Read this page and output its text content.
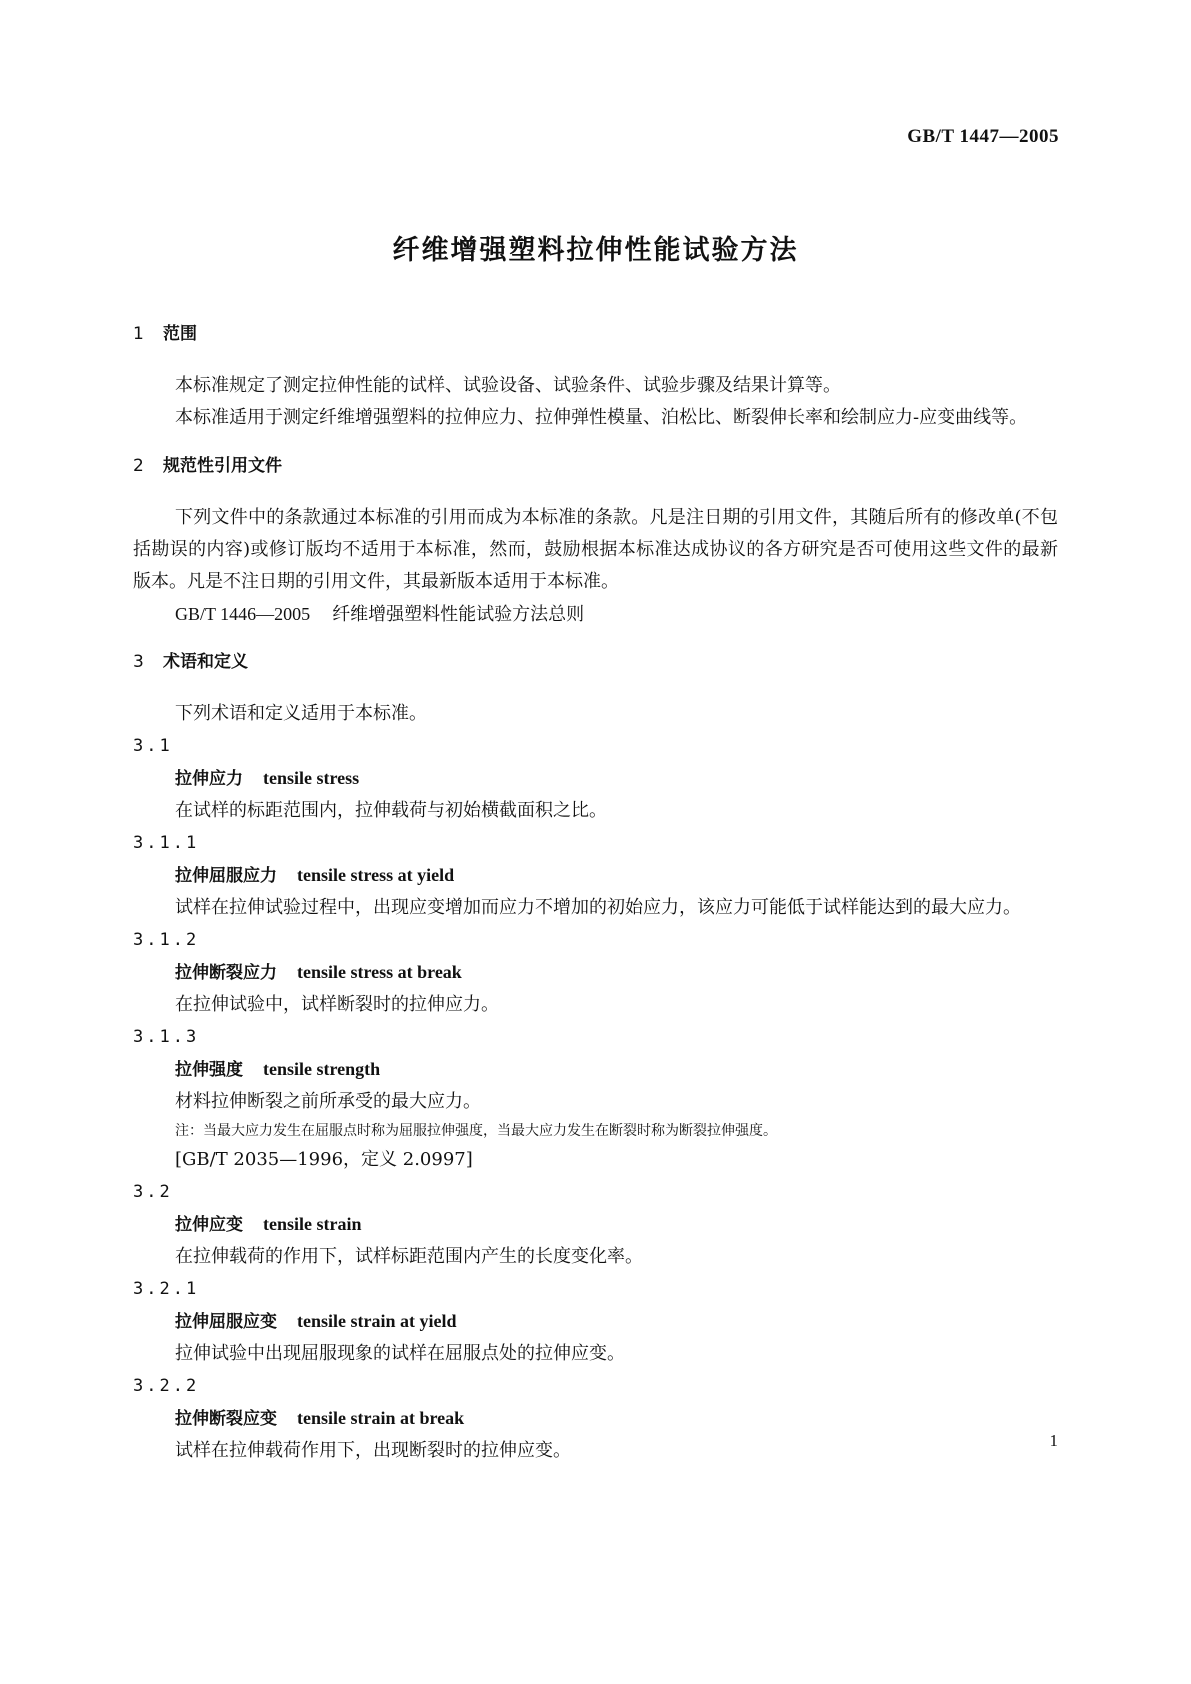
GB/T 1447—2005
纤维增强塑料拉伸性能试验方法
1 范围

本标准规定了测定拉伸性能的试样、试验设备、试验条件、试验步骤及结果计算等。

本标准适用于测定纤维增强塑料的拉伸应力、拉伸弹性模量、泊松比、断裂伸长率和绘制应力-应变曲线等。

2 规范性引用文件

下列文件中的条款通过本标准的引用而成为本标准的条款。凡是注日期的引用文件，其随后所有的修改单(不包括勘误的内容)或修订版均不适用于本标准，然而，鼓励根据本标准达成协议的各方研究是否可使用这些文件的最新版本。凡是不注日期的引用文件，其最新版本适用于本标准。

GB/T 1446—2005 纤维增强塑料性能试验方法总则

3 术语和定义

下列术语和定义适用于本标准。

3.1

拉伸应力 tensile stress

在试样的标距范围内，拉伸载荷与初始横截面积之比。

3.1.1

拉伸屈服应力 tensile stress at yield

试样在拉伸试验过程中，出现应变增加而应力不增加的初始应力，该应力可能低于试样能达到的最大应力。

3.1.2

拉伸断裂应力 tensile stress at break

在拉伸试验中，试样断裂时的拉伸应力。

3.1.3

拉伸强度 tensile strength

材料拉伸断裂之前所承受的最大应力。

注：当最大应力发生在屈服点时称为屈服拉伸强度，当最大应力发生在断裂时称为断裂拉伸强度。

[GB/T 2035—1996，定义 2.0997]

3.2

拉伸应变 tensile strain

在拉伸载荷的作用下，试样标距范围内产生的长度变化率。

3.2.1

拉伸屈服应变 tensile strain at yield

拉伸试验中出现屈服现象的试样在屈服点处的拉伸应变。

3.2.2

拉伸断裂应变 tensile strain at break

试样在拉伸载荷作用下，出现断裂时的拉伸应变。	1
